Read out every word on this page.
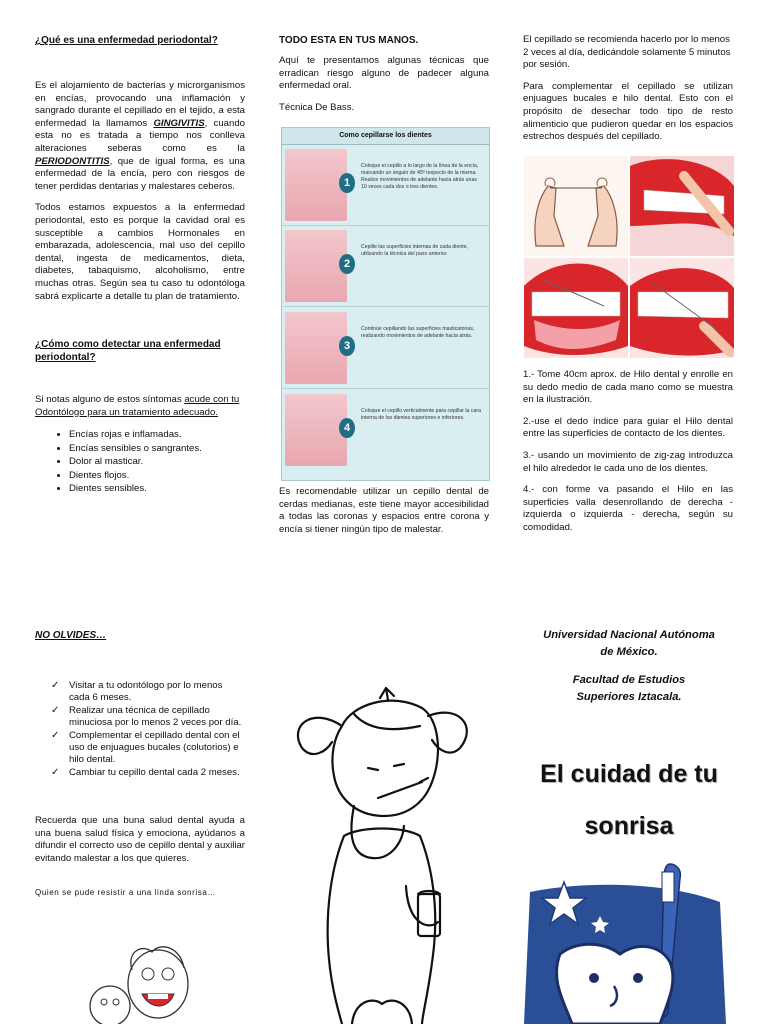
¿Qué es una enfermedad periodontal?

Es el alojamiento de bacterias y microrganismos en encías, provocando una inflamación y sangrado durante el cepillado en el tejido, a esta enfermedad la llamamos GINGIVITIS, cuando esta no es tratada a tiempo nos conlleva alteraciones seberas como es la PERIODONTITIS, que de igual forma, es una enfermedad de la encía, pero con riesgos de tener perdidas dentarias y malestares ceberos.

Todos estamos expuestos a la enfermedad periodontal, esto es porque la cavidad oral es susceptible a cambios Hormonales en embarazada, adolescencia, mal uso del cepillo dental, ingesta de medicamentos, dieta, diabetes, tabaquismo, alcoholismo, entre muchas otras. Según sea tu caso tu odontóloga sabrá explicarte a detalle tu plan de tratamiento.

¿Cómo como detectar una enfermedad periodontal?

Si notas alguno de estos síntomas acude con tu Odontólogo para un tratamiento adecuado.

• Encías rojas e inflamadas.
• Encías sensibles o sangrantes.
• Dolor al masticar.
• Dientes flojos.
• Dientes sensibles.

TODO ESTA EN TUS MANOS.

Aquí te presentamos algunas técnicas que erradican riesgo alguno de padecer alguna enfermedad oral.

Técnica De Bass.

Como cepillarse los dientes
1
Coloque el cepillo a lo largo de la línea de la encía, marcando un ángulo de 45º respecto de la misma. Realice movimientos de adelante hacia atrás unas 10 veces cada dos o tres dientes.
2
Cepille las superficies internas de cada diente, utilizando la técnica del paso anterior.
3
Continúe cepillando las superficies masticatorias, realizando movimientos de adelante hacia atrás.
4
Coloque el cepillo verticalmente para cepillar la cara interna de los dientes superiores e inferiores.

Es recomendable utilizar un cepillo dental de cerdas medianas, este tiene mayor accesibilidad a todas las coronas y espacios entre corona y encía si tiener ningún tipo de malestar.

El cepillado se recomienda hacerlo por lo menos 2 veces al día, dedicándole solamente 5 minutos por sesión.

Para complementar el cepillado se utilizan enjuagues bucales e hilo dental. Esto con el propósito de desechar todo tipo de resto alimenticio que pudieron quedar en los espacios estrechos después del cepillado.

1.- Tome 40cm aprox. de Hilo dental y enrolle en su dedo medio de cada mano como se muestra en la ilustración.

2.-use el dedo índice para guiar el Hilo dental entre las superficies de contacto de los dientes.

3.- usando un movimiento de zig-zag introduzca el hilo alrededor le cada uno de los dientes.

4.- con forme va pasando el Hilo en las superficies valla desenrollando de derecha - izquierda o izquierda - derecha, según su comodidad.

NO OLVIDES…

✓ Visitar a tu odontólogo por lo menos cada 6 meses.
✓ Realizar una técnica de cepillado minuciosa por lo menos 2 veces por día.
✓ Complementar el cepillado dental con el uso de enjuagues bucales (colutorios) e hilo dental.
✓ Cambiar tu cepillo dental cada 2 meses.

Recuerda que una buna salud dental ayuda a una buena salud física y emociona, ayúdanos a difundir el correcto uso de cepillo dental y auxiliar evitando malestar a los que quieres.

Quien se pude resistir a una linda sonrisa…

Universidad Nacional Autónoma
de México.
Facultad de Estudios
Superiores Iztacala.
El cuidad de tu
sonrisa
